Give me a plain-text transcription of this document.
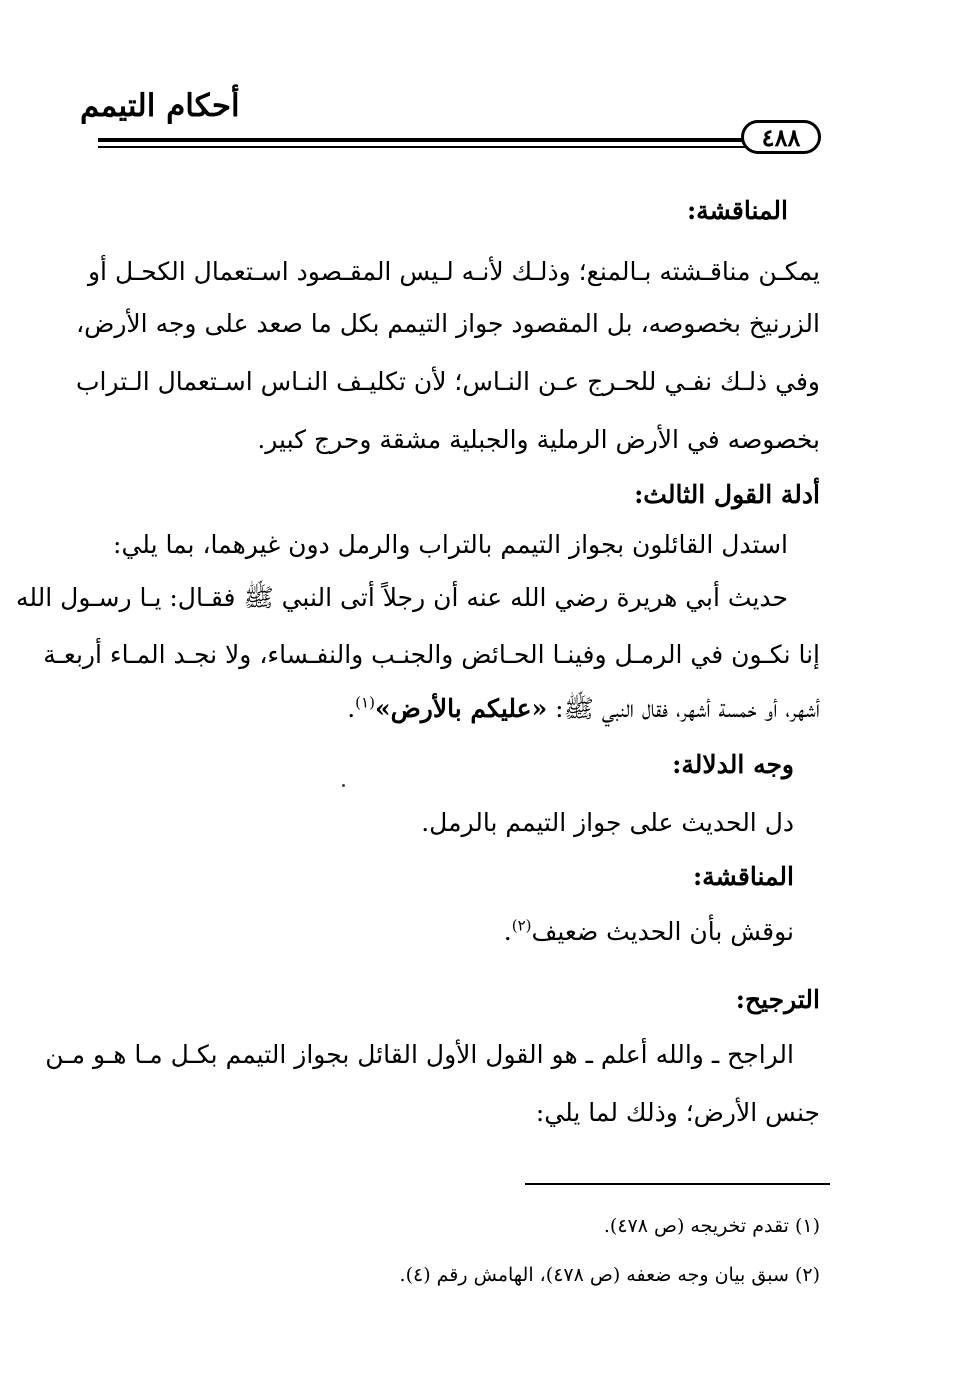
أحكام التيمم
٤٨٨
المناقشة:
يمكـن مناقـشته بـالمنع؛ وذلـك لأنـه لـيس المقـصود اسـتعمال الكحـل أو
الزرنيخ بخصوصه، بل المقصود جواز التيمم بكل ما صعد على وجه الأرض،
وفي ذلـك نفـي للحـرج عـن النـاس؛ لأن تكليـف النـاس اسـتعمال الـتراب
بخصوصه في الأرض الرملية والجبلية مشقة وحرج كبير.
أدلة القول الثالث:
استدل القائلون بجواز التيمم بالتراب والرمل دون غيرهما، بما يلي:
حديث أبي هريرة رضي الله عنه أن رجلاً أتى النبي ﷺ فقـال: يـا رسـول الله
إنا نكـون في الرمـل وفينـا الحـائض والجنـب والنفـساء، ولا نجـد المـاء أربعـة
أشهر، أو خمسة أشهر، فقال النبي ﷺ: «عليكم بالأرض»$^{(١)}$.
وجه الدلالة:
دل الحديث على جواز التيمم بالرمل.
المناقشة:
نوقش بأن الحديث ضعيف$^{(٢)}$.
الترجيح:
الراجح ـ والله أعلم ـ هو القول الأول القائل بجواز التيمم بكـل مـا هـو مـن
جنس الأرض؛ وذلك لما يلي:
(١) تقدم تخريجه (ص ٤٧٨).
(٢) سبق بيان وجه ضعفه (ص ٤٧٨)، الهامش رقم (٤).
